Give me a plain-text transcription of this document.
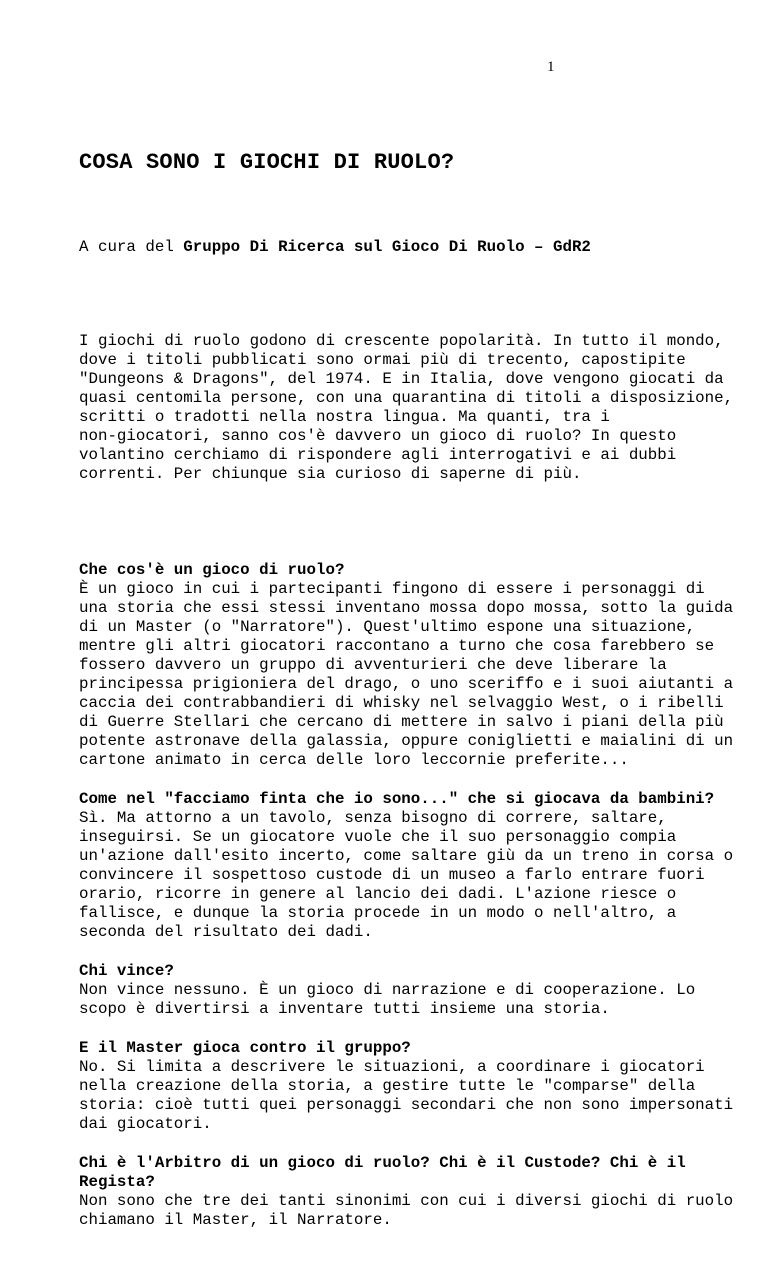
1

COSA SONO I GIOCHI DI RUOLO?

A cura del Gruppo Di Ricerca sul Gioco Di Ruolo – GdR2

I giochi di ruolo godono di crescente popolarità. In tutto il mondo,
dove i titoli pubblicati sono ormai più di trecento, capostipite
"Dungeons & Dragons", del 1974. E in Italia, dove vengono giocati da
quasi centomila persone, con una quarantina di titoli a disposizione,
scritti o tradotti nella nostra lingua. Ma quanti, tra i
non-giocatori, sanno cos'è davvero un gioco di ruolo? In questo
volantino cerchiamo di rispondere agli interrogativi e ai dubbi
correnti. Per chiunque sia curioso di saperne di più.

Che cos'è un gioco di ruolo?
È un gioco in cui i partecipanti fingono di essere i personaggi di
una storia che essi stessi inventano mossa dopo mossa, sotto la guida
di un Master (o "Narratore"). Quest'ultimo espone una situazione,
mentre gli altri giocatori raccontano a turno che cosa farebbero se
fossero davvero un gruppo di avventurieri che deve liberare la
principessa prigioniera del drago, o uno sceriffo e i suoi aiutanti a
caccia dei contrabbandieri di whisky nel selvaggio West, o i ribelli
di Guerre Stellari che cercano di mettere in salvo i piani della più
potente astronave della galassia, oppure coniglietti e maialini di un
cartone animato in cerca delle loro leccornie preferite...
Come nel "facciamo finta che io sono..." che si giocava da bambini?
Sì. Ma attorno a un tavolo, senza bisogno di correre, saltare,
inseguirsi. Se un giocatore vuole che il suo personaggio compia
un'azione dall'esito incerto, come saltare giù da un treno in corsa o
convincere il sospettoso custode di un museo a farlo entrare fuori
orario, ricorre in genere al lancio dei dadi. L'azione riesce o
fallisce, e dunque la storia procede in un modo o nell'altro, a
seconda del risultato dei dadi.
Chi vince?
Non vince nessuno. È un gioco di narrazione e di cooperazione. Lo
scopo è divertirsi a inventare tutti insieme una storia.
E il Master gioca contro il gruppo?
No. Si limita a descrivere le situazioni, a coordinare i giocatori
nella creazione della storia, a gestire tutte le "comparse" della
storia: cioè tutti quei personaggi secondari che non sono impersonati
dai giocatori.
Chi è l'Arbitro di un gioco di ruolo? Chi è il Custode? Chi è il
Regista?
Non sono che tre dei tanti sinonimi con cui i diversi giochi di ruolo
chiamano il Master, il Narratore.
